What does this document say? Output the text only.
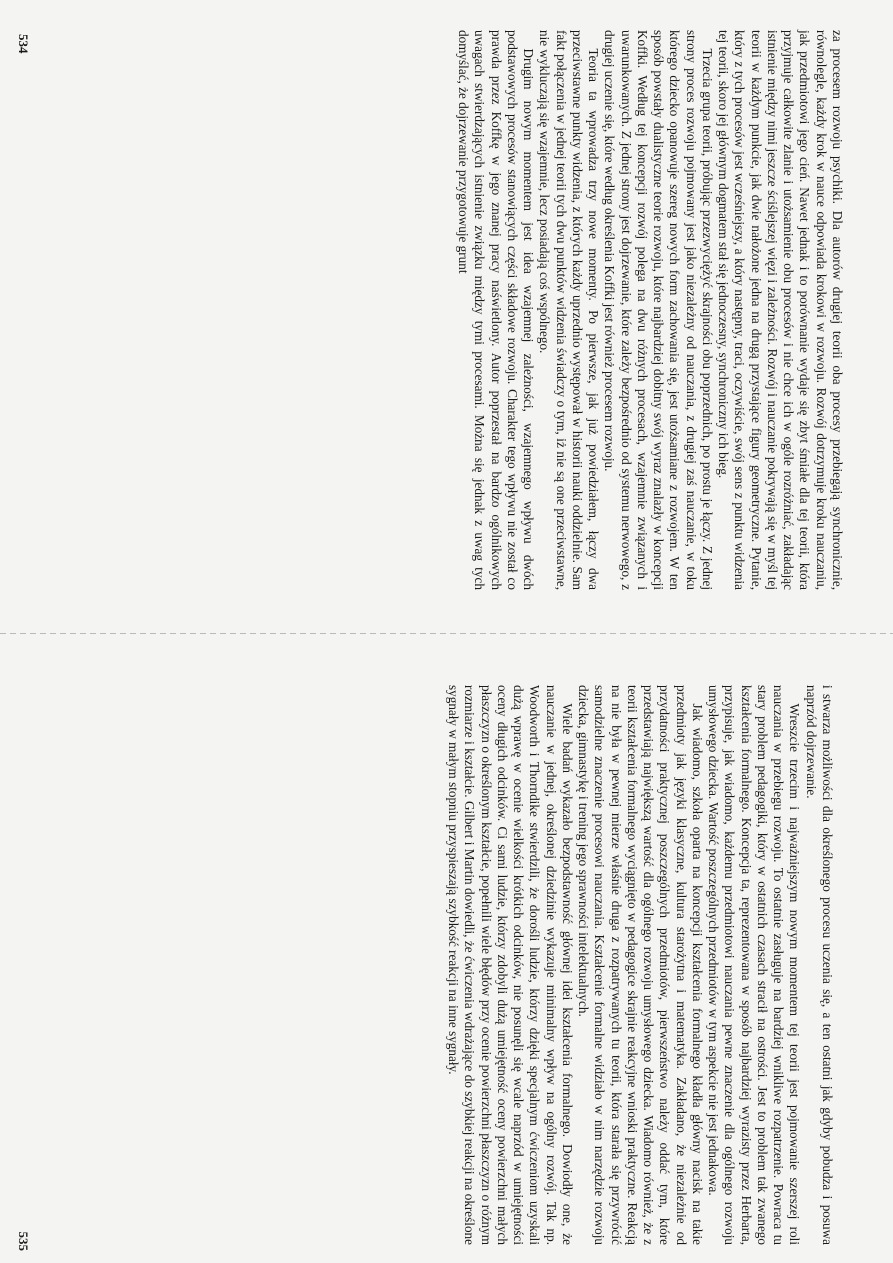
za procesem rozwoju psychiki. Dla autorów drugiej teorii oba procesy przebiegają synchronicznie, równolegle, każdy krok w nauce odpowiada krokowi w rozwoju. Rozwój dotrzymuje kroku nauczaniu, jak przedmiotowi jego cień. Nawet jednak i to porównanie wydaje się zbyt śmiałe dla tej teorii, która przyjmuje całkowite zlanie i utożsamienie obu procesów i nie chce ich w ogóle rozróżniać, zakładając istnienie między nimi jeszcze ściślejszej więzi i zależności. Rozwój i nauczanie pokrywają się w myśl tej teorii w każdym punkcie, jak dwie nałożone jedna na drugą przystające figury geometryczne. Pytanie, który z tych procesów jest wcześniejszy, a który następny, traci, oczywiście, swój sens z punktu widzenia tej teorii, skoro jej głównym dogmatem stał się jednoczesny, synchroniczny ich bieg.

Trzecia grupa teorii, próbując przezwyciężyć skrajności obu poprzednich, po prostu je łączy. Z jednej strony proces rozwoju pojmowany jest jako niezależny od nauczania, z drugiej zaś nauczanie, w toku którego dziecko opanowuje szereg nowych form zachowania się, jest utożsamiane z rozwojem. W ten sposób powstały dualistyczne teorie rozwoju, które najbardziej dobitny swój wyraz znalazły w koncepcji Koffki. Według tej koncepcji rozwój polega na dwu różnych procesach, wzajemnie związanych i uwarunkowanych. Z jednej strony jest dojrzewanie, które zależy bezpośrednio od systemu nerwowego, z drugiej uczenie się, które według określenia Koffki jest również procesem rozwoju.

Teoria ta wprowadza trzy nowe momenty. Po pierwsze, jak już powiedziałem, łączy dwa przeciwstawne punkty widzenia, z których każdy uprzednio występował w historii nauki oddzielnie. Sam fakt połączenia w jednej teorii tych dwu punktów widzenia świadczy o tym, iż nie są one przeciwstawne, nie wykluczają się wzajemnie, lecz posiadają coś wspólnego.

Drugim nowym momentem jest idea wzajemnej zależności, wzajemnego wpływu dwóch podstawowych procesów stanowiących części składowe rozwoju. Charakter tego wpływu nie został co prawda przez Koffkę w jego znanej pracy naświetlony. Autor poprzestał na bardzo ogólnikowych uwagach stwierdzających istnienie związku między tymi procesami. Można się jednak z uwag tych domyślać, że dojrzewanie przygotowuje grunt

534

i stwarza możliwości dla określonego procesu uczenia się, a ten ostatni jak gdyby pobudza i posuwa naprzód dojrzewanie.

Wreszcie trzecim i najważniejszym nowym momentem tej teorii jest pojmowanie szerszej roli nauczania w przebiegu rozwoju. To ostatnie zasługuje na bardziej wnikliwe rozpatrzenie. Powraca tu stary problem pedagogiki, który w ostatnich czasach stracił na ostrości. Jest to problem tak zwanego kształcenia formalnego. Koncepcja ta, reprezentowana w sposób najbardziej wyrazisty przez Herbarta, przypisuje, jak wiadomo, każdemu przedmiotowi nauczania pewne znaczenie dla ogólnego rozwoju umysłowego dziecka. Wartość poszczególnych przedmiotów w tym aspekcie nie jest jednakowa.

Jak wiadomo, szkoła oparta na koncepcji kształcenia formalnego kładła główny nacisk na takie przedmioty jak języki klasyczne, kultura starożytna i matematyka. Zakładano, że niezależnie od przydatności praktycznej poszczególnych przedmiotów, pierwszeństwo należy oddać tym, które przedstawiają największą wartość dla ogólnego rozwoju umysłowego dziecka. Wiadomo również, że z teorii kształcenia formalnego wyciągnięto w pedagogice skrajnie reakcyjne wnioski praktyczne. Reakcją na nie była w pewnej mierze właśnie druga z rozpatrywanych tu teorii, która starała się przywrócić samodzielne znaczenie procesowi nauczania. Kształcenie formalne widziało w nim narzędzie rozwoju dziecka, gimnastykę i trening jego sprawności intelektualnych.

Wiele badań wykazało bezpodstawność głównej idei kształcenia formalnego. Dowiodły one, że nauczanie w jednej, określonej dziedzinie wykazuje minimalny wpływ na ogólny rozwój. Tak np. Woodworth i Thorndike stwierdzili, że dorośli ludzie, którzy dzięki specjalnym ćwiczeniom uzyskali dużą wprawę w ocenie wielkości krótkich odcinków, nie posunęli się wcale naprzód w umiejętności oceny długich odcinków. Ci sami ludzie, którzy zdobyli dużą umiejętność oceny powierzchni małych płaszczyzn o określonym kształcie, popełnili wiele błędów przy ocenie powierzchni płaszczyzn o różnym rozmiarze i kształcie. Gilbert i Martin dowiedli, że ćwiczenia wdrażające do szybkiej reakcji na określone sygnały w małym stopniu przyspieszają szybkość reakcji na inne sygnały.

535
